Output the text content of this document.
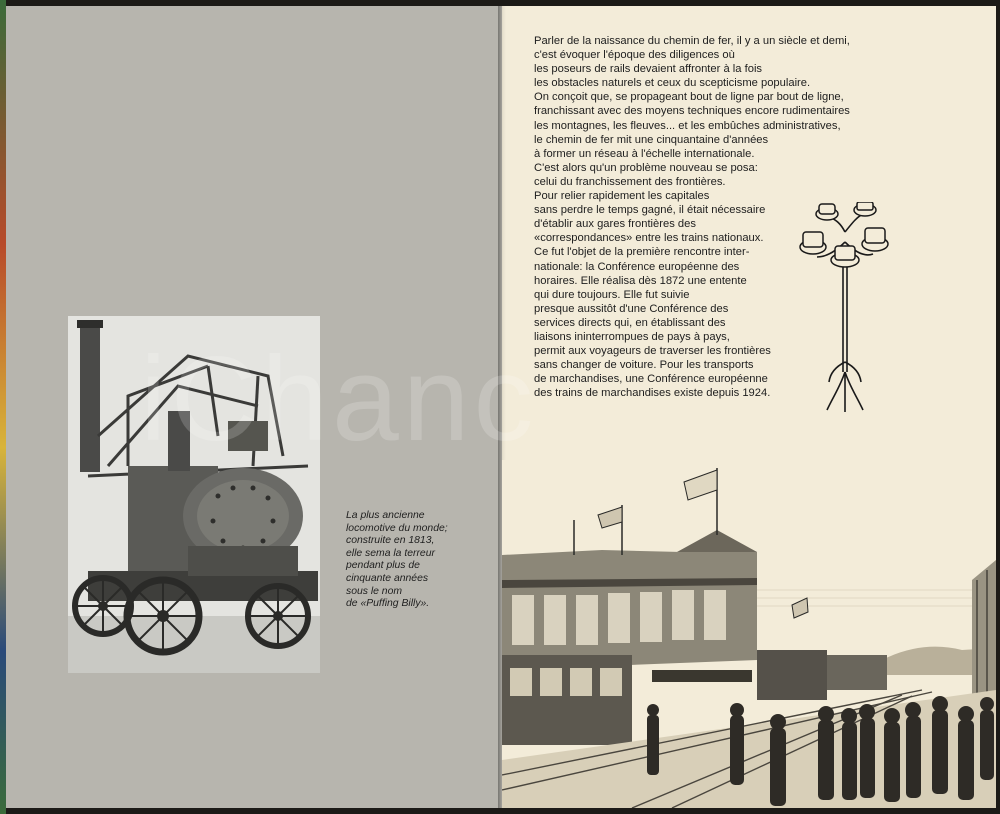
La plus ancienne
locomotive du monde;
construite en 1813,
elle sema la terreur
pendant plus de
cinquante années
sous le nom
de «Puffing Billy».
Parler de la naissance du chemin de fer, il y a un siècle et demi,
c'est évoquer l'époque des diligences où
les poseurs de rails devaient affronter à la fois
les obstacles naturels et ceux du scepticisme populaire.
On conçoit que, se propageant bout de ligne par bout de ligne,
franchissant avec des moyens techniques encore rudimentaires
les montagnes, les fleuves... et les embûches administratives,
le chemin de fer mit une cinquantaine d'années
à former un réseau à l'échelle internationale.
C'est alors qu'un problème nouveau se posa:
celui du franchissement des frontières.
Pour relier rapidement les capitales
sans perdre le temps gagné, il était nécessaire
d'établir aux gares frontières des
«correspondances» entre les trains nationaux.
Ce fut l'objet de la première rencontre inter-
nationale: la Conférence européenne des
horaires. Elle réalisa dès 1872 une entente
qui dure toujours. Elle fut suivie
presque aussitôt d'une Conférence des
services directs qui, en établissant des
liaisons ininterrompues de pays à pays,
permit aux voyageurs de traverser les frontières
sans changer de voiture. Pour les transports
de marchandises, une Conférence européenne
des trains de marchandises existe depuis 1924.
